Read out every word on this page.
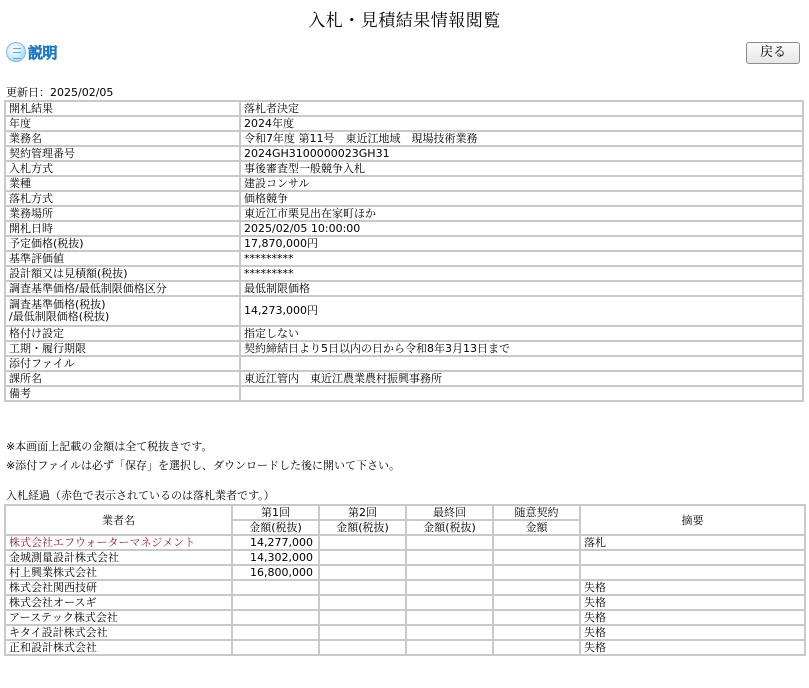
入札・見積結果情報閲覧
説明	戻る
更新日：2025/02/05
開札結果	落札者決定
年度	2024年度
業務名	令和7年度 第11号　東近江地域　現場技術業務
契約管理番号	2024GH3100000023GH31
入札方式	事後審査型一般競争入札
業種	建設コンサル
落札方式	価格競争
業務場所	東近江市栗見出在家町ほか
開札日時	2025/02/05 10:00:00
予定価格(税抜)	17,870,000円
基準評価値	*********
設計額又は見積額(税抜)	*********
調査基準価格/最低制限価格区分	最低制限価格

調査基準価格(税抜)
/最低制限価格(税抜)	14,273,000円
格付け設定	指定しない
工期・履行期限	契約締結日より5日以内の日から令和8年3月13日まで
添付ファイル	
課所名	東近江管内　東近江農業農村振興事務所
備考	
※本画面上記載の金額は全て税抜きです。
※添付ファイルは必ず「保存」を選択し、ダウンロードした後に開いて下さい。
入札経過（赤色で表示されているのは落札業者です。）
業者名	第1回	第2回	最終回	随意契約	摘要
	金額(税抜)	金額(税抜)	金額(税抜)	金額	
株式会社エフウォーターマネジメント	14,277,000				落札
金城測量設計株式会社	14,302,000				
村上興業株式会社	16,800,000				
株式会社関西技研					失格
株式会社オースギ					失格
アーステック株式会社					失格
キタイ設計株式会社					失格
正和設計株式会社					失格
